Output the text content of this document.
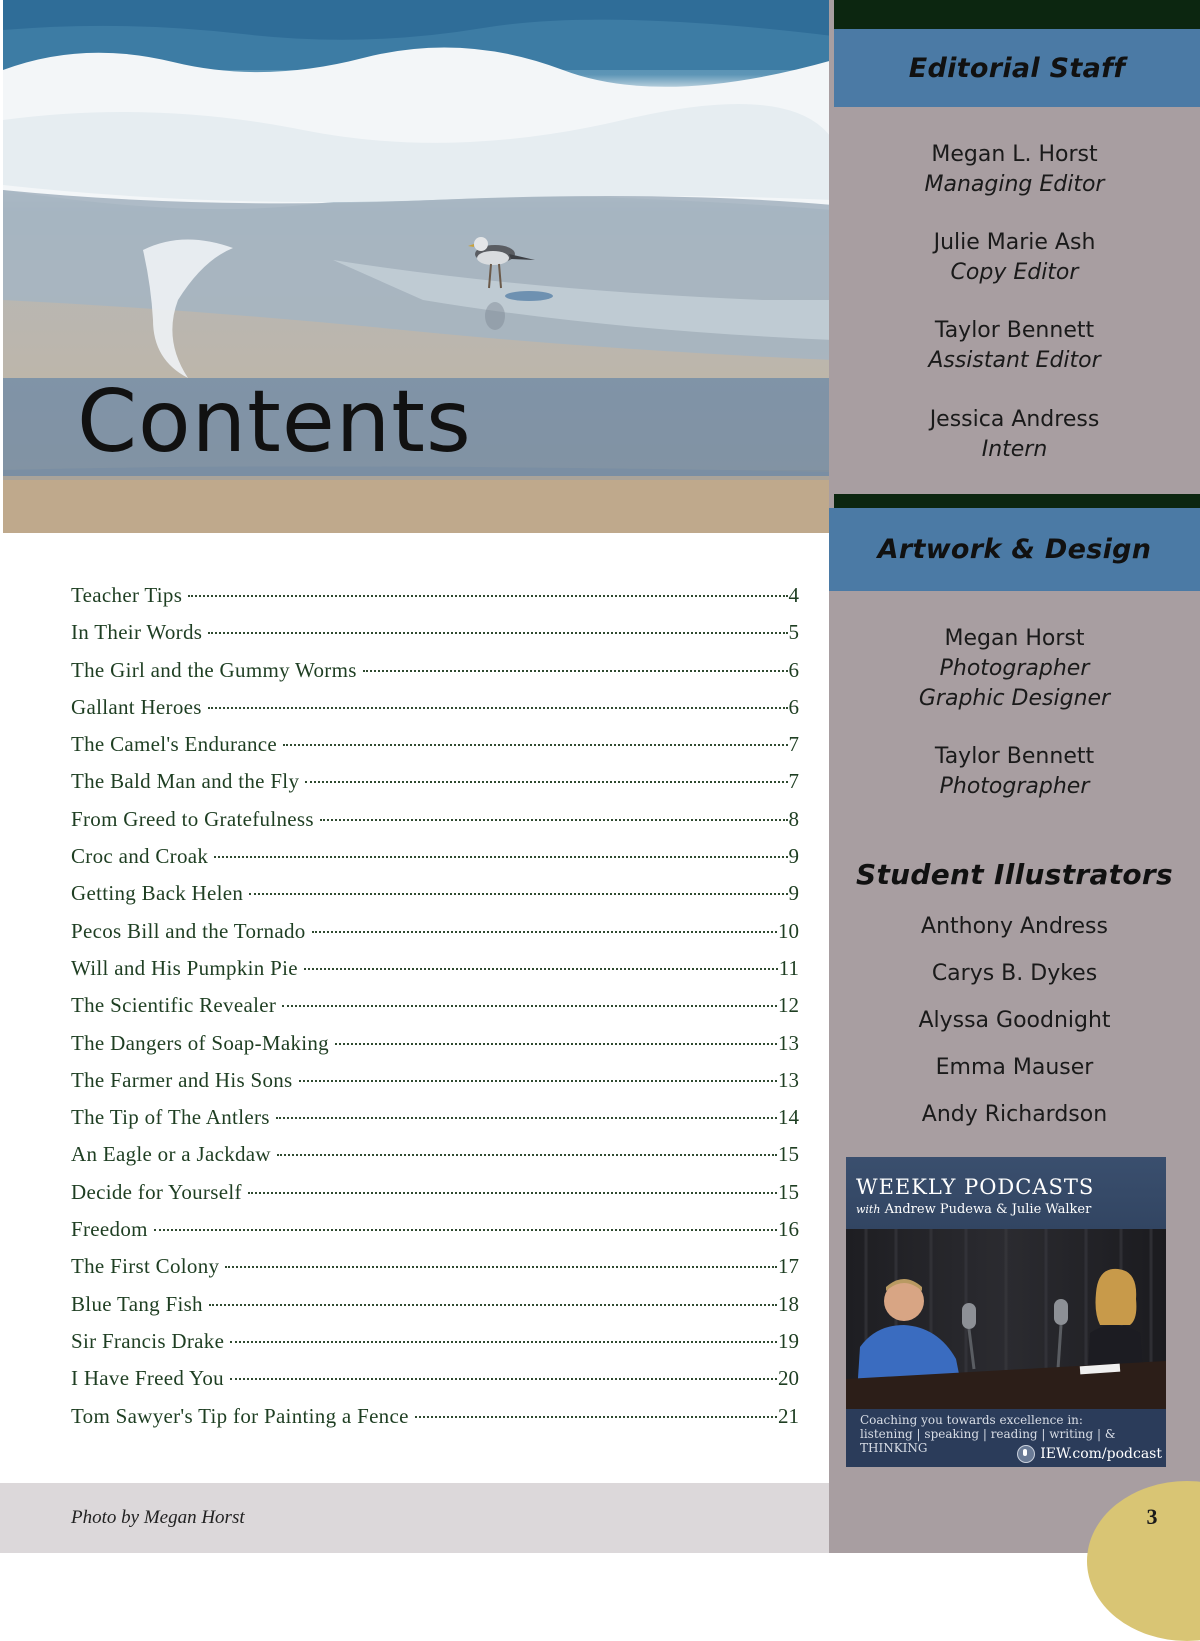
Contents
Teacher Tips	4
In Their Words	5
The Girl and the Gummy Worms	6
Gallant Heroes	6
The Camel's Endurance	7
The Bald Man and the Fly	7
From Greed to Gratefulness	8
Croc and Croak	9
Getting Back Helen	9
Pecos Bill and the Tornado	10
Will and His Pumpkin Pie	11
The Scientific Revealer	12
The Dangers of Soap-Making	13
The Farmer and His Sons	13
The Tip of The Antlers	14
An Eagle or a Jackdaw	15
Decide for Yourself	15
Freedom	16
The First Colony	17
Blue Tang Fish	18
Sir Francis Drake	19
I Have Freed You	20
Tom Sawyer's Tip for Painting a Fence	21
Photo by Megan Horst
Editorial Staff
Megan L. Horst
Managing Editor
Julie Marie Ash
Copy Editor
Taylor Bennett
Assistant Editor
Jessica Andress
Intern
Artwork & Design
Megan Horst
Photographer
Graphic Designer
Taylor Bennett
Photographer
Student Illustrators
Anthony Andress
Carys B. Dykes
Alyssa Goodnight
Emma Mauser
Andy Richardson
WEEKLY PODCASTS
with Andrew Pudewa & Julie Walker
Coaching you towards excellence in:
listening | speaking | reading | writing | & THINKING	IEW.com/podcast
3
